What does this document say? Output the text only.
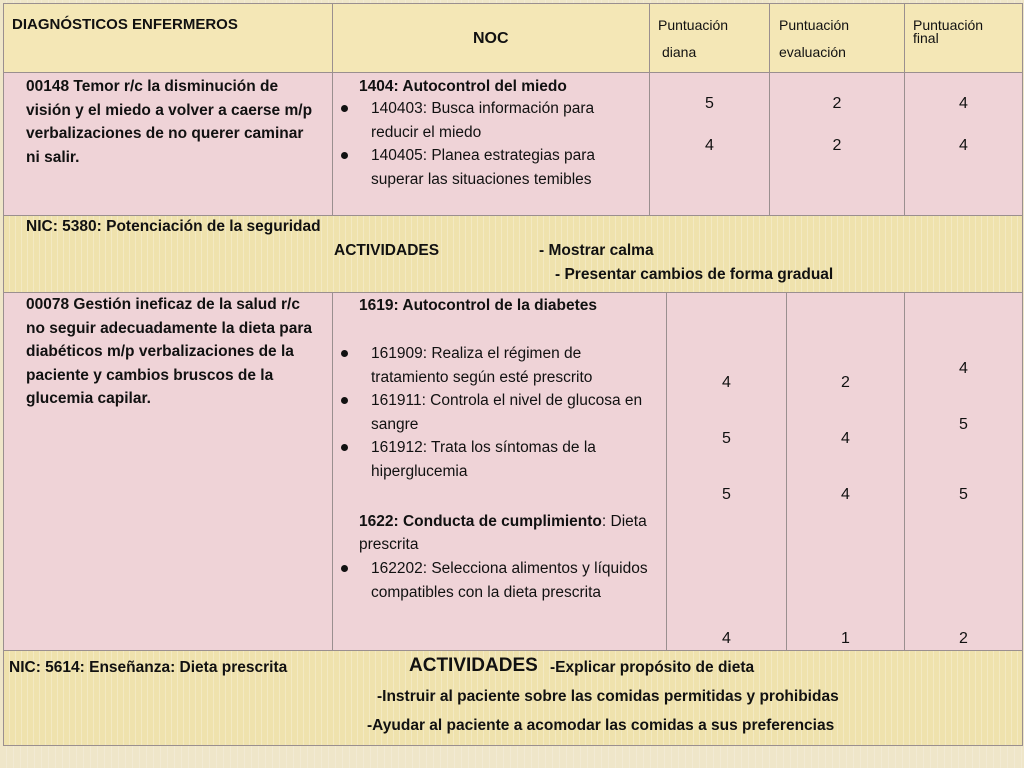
DIAGNÓSTICOS ENFERMEROS
NOC
Puntuación
diana
Puntuación
evaluación
Puntuación
final
00148 Temor r/c la disminución de visión y el miedo a volver a caerse m/p verbalizaciones de no querer caminar ni salir.
1404: Autocontrol del miedo
140403: Busca información para reducir el miedo
140405: Planea estrategias para superar las situaciones temibles
5
4
2
2
4
4
NIC: 5380: Potenciación de la seguridad
ACTIVIDADES	- Mostrar calma
- Presentar cambios de forma gradual
00078 Gestión ineficaz de la salud r/c no seguir adecuadamente la dieta para diabéticos m/p verbalizaciones de la paciente y cambios bruscos de la glucemia capilar.
1619: Autocontrol de la diabetes
161909: Realiza el régimen de tratamiento según esté prescrito
161911: Controla el nivel de glucosa en sangre
161912: Trata los síntomas de la hiperglucemia
1622: Conducta de cumplimiento: Dieta prescrita
162202: Selecciona alimentos y líquidos compatibles con la dieta prescrita
4
5
5
4
2
4
4
1
4
5
5
2
NIC: 5614: Enseñanza: Dieta prescrita	ACTIVIDADES -Explicar propósito de dieta
-Instruir al paciente sobre las comidas permitidas y prohibidas
-Ayudar al paciente a acomodar las comidas a sus preferencias
